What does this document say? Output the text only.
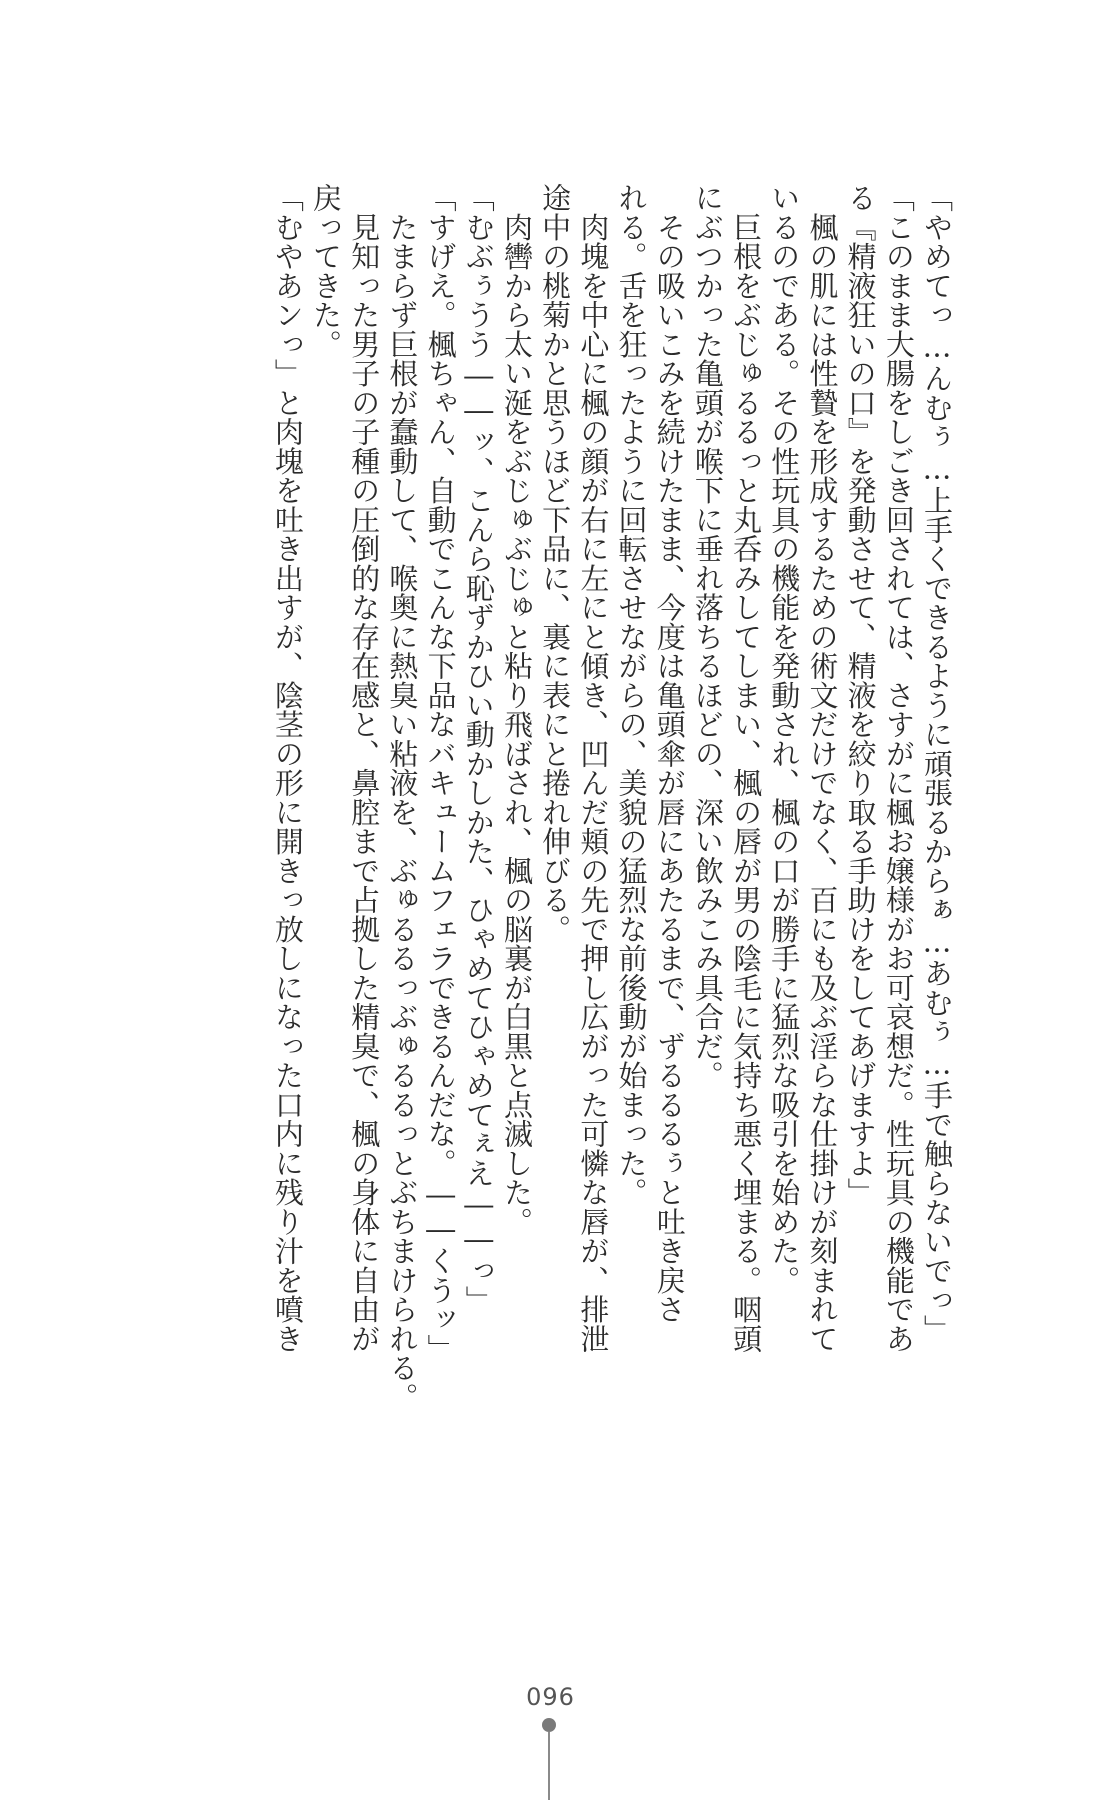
「やめてっ…んむぅ…上手くできるように頑張るからぁ…あむぅ…手で触らないでっ」

「このまま大腸をしごき回されては、さすがに楓お嬢様がお可哀想だ。性玩具の機能であ

る『精液狂いの口』を発動させて、精液を絞り取る手助けをしてあげますよ」

　楓の肌には性贄を形成するための術文だけでなく、百にも及ぶ淫らな仕掛けが刻まれて

いるのである。その性玩具の機能を発動され、楓の口が勝手に猛烈な吸引を始めた。

　巨根をぶじゅるるっと丸呑みしてしまい、楓の唇が男の陰毛に気持ち悪く埋まる。咽頭

にぶつかった亀頭が喉下に垂れ落ちるほどの、深い飲みこみ具合だ。

　その吸いこみを続けたまま、今度は亀頭傘が唇にあたるまで、ずるるるぅと吐き戻さ

れる。舌を狂ったように回転させながらの、美貌の猛烈な前後動が始まった。

　肉塊を中心に楓の顔が右に左にと傾き、凹んだ頬の先で押し広がった可憐な唇が、排泄

途中の桃菊かと思うほど下品に、裏に表にと捲れ伸びる。

　肉轡から太い涎をぶじゅぶじゅと粘り飛ばされ、楓の脳裏が白黒と点滅した。

「むぶぅうう――ッ、こんら恥ずかひい動かしかた、ひゃめてひゃめてぇえ――っ」

「すげえ。楓ちゃん、自動でこんな下品なバキュームフェラできるんだな。――くうッ」

　たまらず巨根が蠢動して、喉奥に熱臭い粘液を、ぶゅるるっぶゅるるっとぶちまけられる。

　見知った男子の子種の圧倒的な存在感と、鼻腔まで占拠した精臭で、楓の身体に自由が

戻ってきた。

「むやあンっ」と肉塊を吐き出すが、陰茎の形に開きっ放しになった口内に残り汁を噴き

096
